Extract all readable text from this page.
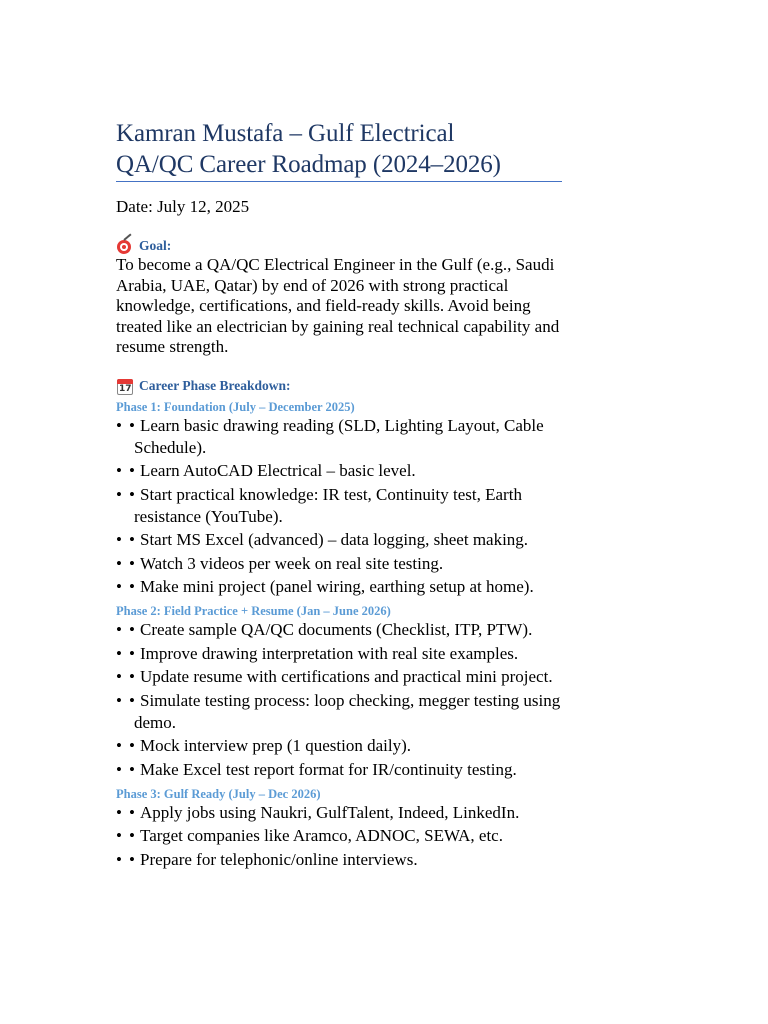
Kamran Mustafa – Gulf Electrical
QA/QC Career Roadmap (2024–2026)
Date: July 12, 2025
Goal:
To become a QA/QC Electrical Engineer in the Gulf (e.g., Saudi Arabia, UAE, Qatar) by end of 2026 with strong practical knowledge, certifications, and field-ready skills. Avoid being treated like an electrician by gaining real technical capability and resume strength.
17 Career Phase Breakdown:
Phase 1: Foundation (July – December 2025)
• • Learn basic drawing reading (SLD, Lighting Layout, Cable Schedule).
• • Learn AutoCAD Electrical – basic level.
• • Start practical knowledge: IR test, Continuity test, Earth resistance (YouTube).
• • Start MS Excel (advanced) – data logging, sheet making.
• • Watch 3 videos per week on real site testing.
• • Make mini project (panel wiring, earthing setup at home).
Phase 2: Field Practice + Resume (Jan – June 2026)
• • Create sample QA/QC documents (Checklist, ITP, PTW).
• • Improve drawing interpretation with real site examples.
• • Update resume with certifications and practical mini project.
• • Simulate testing process: loop checking, megger testing using demo.
• • Mock interview prep (1 question daily).
• • Make Excel test report format for IR/continuity testing.
Phase 3: Gulf Ready (July – Dec 2026)
• • Apply jobs using Naukri, GulfTalent, Indeed, LinkedIn.
• • Target companies like Aramco, ADNOC, SEWA, etc.
• • Prepare for telephonic/online interviews.
